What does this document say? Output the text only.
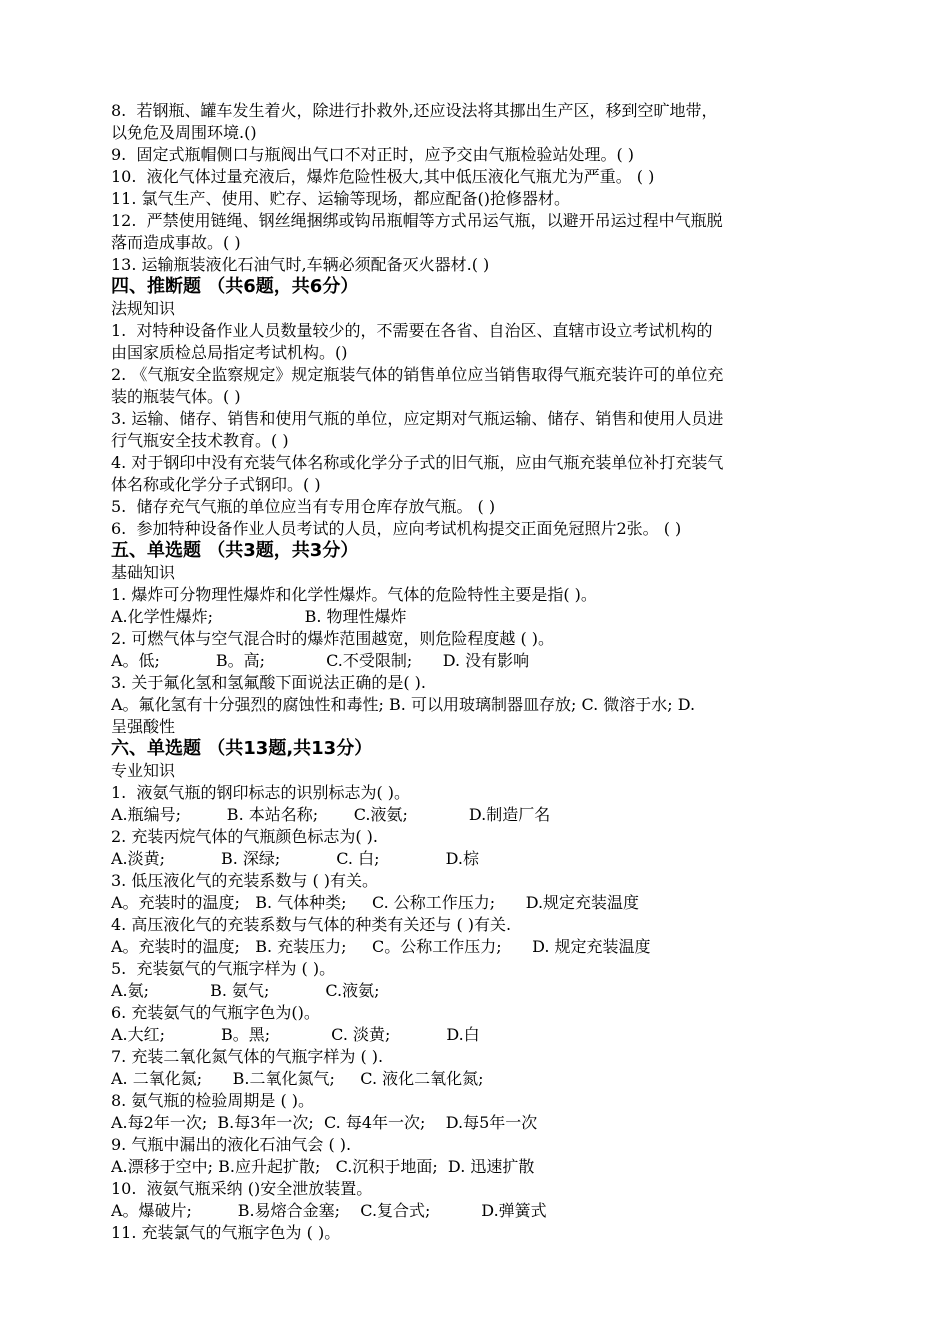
8.  若钢瓶、罐车发生着火，除进行扑救外,还应设法将其挪出生产区，移到空旷地带，
以免危及周围环境.()
9.  固定式瓶帽侧口与瓶阀出气口不对正时，应予交由气瓶检验站处理。( )
10.  液化气体过量充液后，爆炸危险性极大,其中低压液化气瓶尤为严重。 ( )
11. 氯气生产、使用、贮存、运输等现场，都应配备()抢修器材。
12.  严禁使用链绳、钢丝绳捆绑或钩吊瓶帽等方式吊运气瓶，以避开吊运过程中气瓶脱
落而造成事故。( )
13. 运输瓶装液化石油气时,车辆必须配备灭火器材.( )
四、推断题 （共6题，共6分）
法规知识
1.  对特种设备作业人员数量较少的，不需要在各省、自治区、直辖市设立考试机构的
由国家质检总局指定考试机构。()
2. 《气瓶安全监察规定》规定瓶装气体的销售单位应当销售取得气瓶充装许可的单位充
装的瓶装气体。( )
3. 运输、储存、销售和使用气瓶的单位，应定期对气瓶运输、储存、销售和使用人员进
行气瓶安全技术教育。( )
4. 对于钢印中没有充装气体名称或化学分子式的旧气瓶，应由气瓶充装单位补打充装气
体名称或化学分子式钢印。( )
5.  储存充气气瓶的单位应当有专用仓库存放气瓶。 ( )
6.  参加特种设备作业人员考试的人员，应向考试机构提交正面免冠照片2张。 ( )
五、单选题 （共3题，共3分）
基础知识
1. 爆炸可分物理性爆炸和化学性爆炸。气体的危险特性主要是指( )。
A.化学性爆炸;                  B. 物理性爆炸
2. 可燃气体与空气混合时的爆炸范围越宽，则危险程度越 ( )。
A。低;           B。高;            C.不受限制;      D. 没有影响
3. 关于氟化氢和氢氟酸下面说法正确的是( ).
A。氟化氢有十分强烈的腐蚀性和毒性; B. 可以用玻璃制器皿存放; C. 微溶于水; D.
呈强酸性
六、单选题 （共13题,共13分）
专业知识
1.  液氨气瓶的钢印标志的识别标志为( )。
A.瓶编号;         B. 本站名称;       C.液氨;            D.制造厂名
2. 充装丙烷气体的气瓶颜色标志为( ).
A.淡黄;           B. 深绿;           C. 白;             D.棕
3. 低压液化气的充装系数与 ( )有关。
A。充装时的温度;   B. 气体种类;     C. 公称工作压力;      D.规定充装温度
4. 高压液化气的充装系数与气体的种类有关还与 ( )有关.
A。充装时的温度;   B. 充装压力;     C。公称工作压力;      D. 规定充装温度
5.  充装氨气的气瓶字样为 ( )。
A.氨;            B. 氨气;           C.液氨;
6. 充装氨气的气瓶字色为()。
A.大红;           B。黑;            C. 淡黄;           D.白
7. 充装二氧化氮气体的气瓶字样为 ( ).
A. 二氧化氮;      B.二氧化氮气;     C. 液化二氧化氮;
8. 氨气瓶的检验周期是 ( )。
A.每2年一次;  B.每3年一次;  C. 每4年一次;    D.每5年一次
9. 气瓶中漏出的液化石油气会 ( ).
A.漂移于空中; B.应升起扩散;   C.沉积于地面;  D. 迅速扩散
10.  液氨气瓶采纳 ()安全泄放装置。
A。爆破片;         B.易熔合金塞;    C.复合式;          D.弹簧式
11. 充装氯气的气瓶字色为 ( )。
